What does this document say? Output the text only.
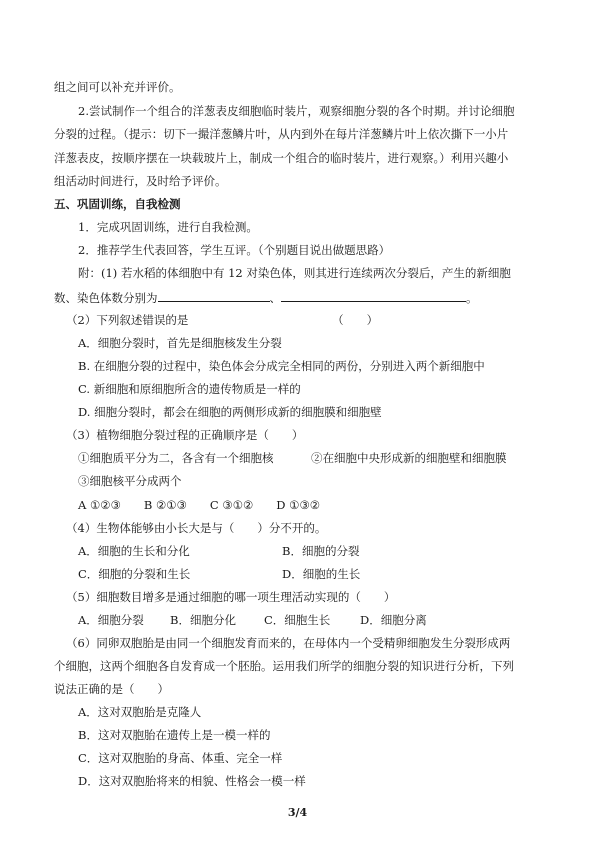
组之间可以补充并评价。
2.尝试制作一个组合的洋葱表皮细胞临时装片，观察细胞分裂的各个时期。并讨论细胞
分裂的过程。（提示：切下一撮洋葱鳞片叶，从内到外在每片洋葱鳞片叶上依次撕下一小片
洋葱表皮，按顺序摆在一块载玻片上，制成一个组合的临时装片，进行观察。）利用兴趣小
组活动时间进行，及时给予评价。
五、巩固训练，自我检测
1．完成巩固训练，进行自我检测。
2．推荐学生代表回答，学生互评。（个别题目说出做题思路）
附：(1) 若水稻的体细胞中有 12 对染色体，则其进行连续两次分裂后，产生的新细胞
数、染色体数分别为	、	。
（2）下列叙述错误的是　　　　　　　　　　　　　（　　）
A．细胞分裂时，首先是细胞核发生分裂
B. 在细胞分裂的过程中，染色体会分成完全相同的两份，分别进入两个新细胞中
C. 新细胞和原细胞所含的遗传物质是一样的
D. 细胞分裂时，都会在细胞的两侧形成新的细胞膜和细胞壁
（3）植物细胞分裂过程的正确顺序是（　　）
①细胞质平分为二，各含有一个细胞核	②在细胞中央形成新的细胞壁和细胞膜
③细胞核平分成两个
A ①②③　　B ②①③　　C ③①②　　D ①③②
（4）生物体能够由小长大是与（　　）分不开的。
A．细胞的生长和分化	B．细胞的分裂
C．细胞的分裂和生长	D．细胞的生长
（5）细胞数目增多是通过细胞的哪一项生理活动实现的（　　）
A．细胞分裂 B．细胞分化 C．细胞生长	D．细胞分离
（6）同卵双胞胎是由同一个细胞发育而来的，在母体内一个受精卵细胞发生分裂形成两
个细胞，这两个细胞各自发育成一个胚胎。运用我们所学的细胞分裂的知识进行分析，下列
说法正确的是（　　）
A．这对双胞胎是克隆人
B．这对双胞胎在遗传上是一模一样的
C．这对双胞胎的身高、体重、完全一样
D．这对双胞胎将来的相貌、性格会一模一样
3/4
